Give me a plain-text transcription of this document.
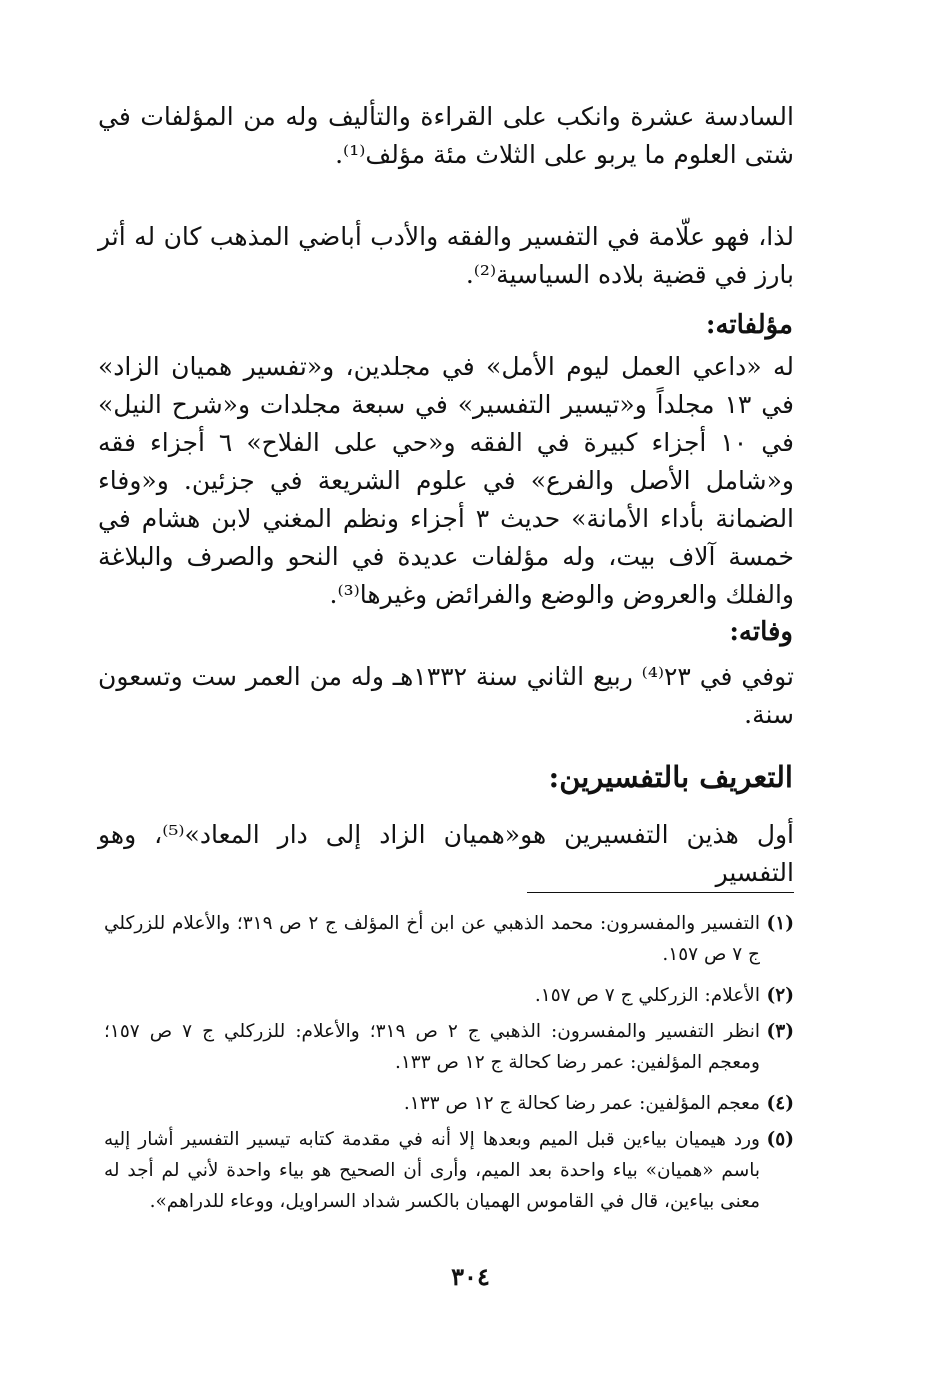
السادسة عشرة وانكب على القراءة والتأليف وله من المؤلفات في شتى العلوم ما يربو على الثلاث مئة مؤلف⁽¹⁾.

لذا، فهو علّامة في التفسير والفقه والأدب أباضي المذهب كان له أثر بارز في قضية بلاده السياسية⁽²⁾.

مؤلفاته:

له «داعي العمل ليوم الأمل» في مجلدين، و«تفسير هميان الزاد» في ١٣ مجلداً و«تيسير التفسير» في سبعة مجلدات و«شرح النيل» في ١٠ أجزاء كبيرة في الفقه و«حي على الفلاح» ٦ أجزاء فقه و«شامل الأصل والفرع» في علوم الشريعة في جزئين. و«وفاء الضمانة بأداء الأمانة» حديث ٣ أجزاء ونظم المغني لابن هشام في خمسة آلاف بيت، وله مؤلفات عديدة في النحو والصرف والبلاغة والفلك والعروض والوضع والفرائض وغيرها⁽³⁾.

وفاته:

توفي في ٢٣⁽⁴⁾ ربيع الثاني سنة ١٣٣٢هـ وله من العمر ست وتسعون سنة.

التعريف بالتفسيرين:

أول هذين التفسيرين هو«هميان الزاد إلى دار المعاد»⁽⁵⁾، وهو التفسير

(١)
التفسير والمفسرون: محمد الذهبي عن ابن أخ المؤلف ج ٢ ص ٣١٩؛ والأعلام للزركلي ج ٧ ص ١٥٧.
(٢)
الأعلام: الزركلي ج ٧ ص ١٥٧.
(٣)
انظر التفسير والمفسرون: الذهبي ج ٢ ص ٣١٩؛ والأعلام: للزركلي ج ٧ ص ١٥٧؛ ومعجم المؤلفين: عمر رضا كحالة ج ١٢ ص ١٣٣.
(٤)
معجم المؤلفين: عمر رضا كحالة ج ١٢ ص ١٣٣.
(٥)
ورد هيميان بياءين قبل الميم وبعدها إلا أنه في مقدمة كتابه تيسير التفسير أشار إليه باسم «هميان» بياء واحدة بعد الميم، وأرى أن الصحيح هو بياء واحدة لأني لم أجد له معنى بياءين، قال في القاموس الهميان بالكسر شداد السراويل، ووعاء للدراهم».
٣٠٤
